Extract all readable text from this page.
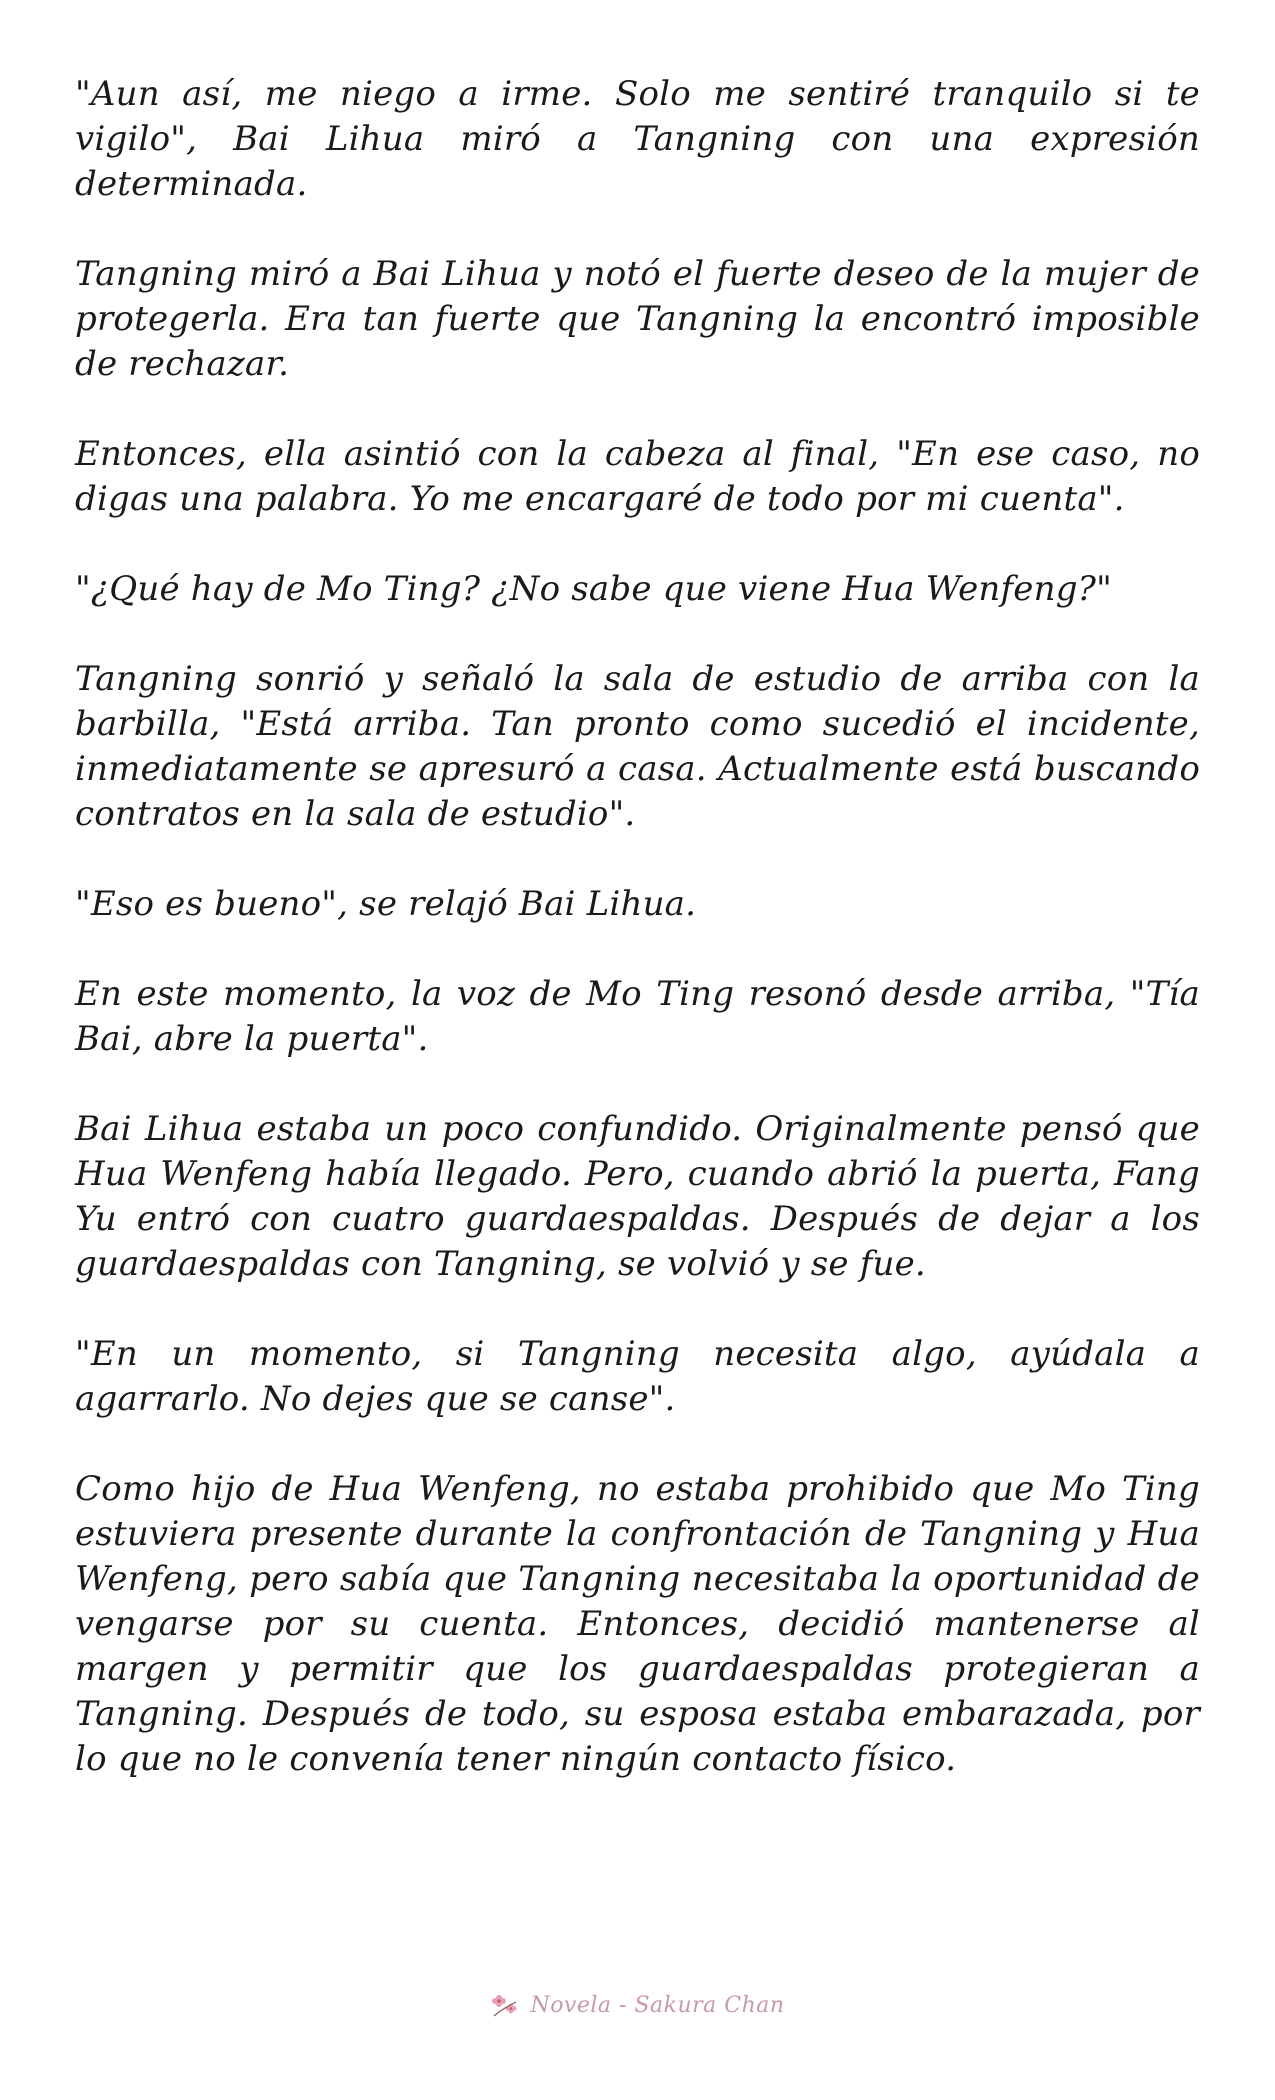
"Aun así, me niego a irme. Solo me sentiré tranquilo si te vigilo", Bai Lihua miró a Tangning con una expresión determinada.

Tangning miró a Bai Lihua y notó el fuerte deseo de la mujer de protegerla. Era tan fuerte que Tangning la encontró imposible de rechazar.

Entonces, ella asintió con la cabeza al final, "En ese caso, no digas una palabra. Yo me encargaré de todo por mi cuenta".

"¿Qué hay de Mo Ting? ¿No sabe que viene Hua Wenfeng?"

Tangning sonrió y señaló la sala de estudio de arriba con la barbilla, "Está arriba. Tan pronto como sucedió el incidente, inmediatamente se apresuró a casa. Actualmente está buscando contratos en la sala de estudio".

"Eso es bueno", se relajó Bai Lihua.

En este momento, la voz de Mo Ting resonó desde arriba, "Tía Bai, abre la puerta".

Bai Lihua estaba un poco confundido. Originalmente pensó que Hua Wenfeng había llegado. Pero, cuando abrió la puerta, Fang Yu entró con cuatro guardaespaldas. Después de dejar a los guardaespaldas con Tangning, se volvió y se fue.

"En un momento, si Tangning necesita algo, ayúdala a agarrarlo. No dejes que se canse".

Como hijo de Hua Wenfeng, no estaba prohibido que Mo Ting estuviera presente durante la confrontación de Tangning y Hua Wenfeng, pero sabía que Tangning necesitaba la oportunidad de vengarse por su cuenta. Entonces, decidió mantenerse al margen y permitir que los guardaespaldas protegieran a Tangning. Después de todo, su esposa estaba embarazada, por lo que no le convenía tener ningún contacto físico.

Novela - Sakura Chan
